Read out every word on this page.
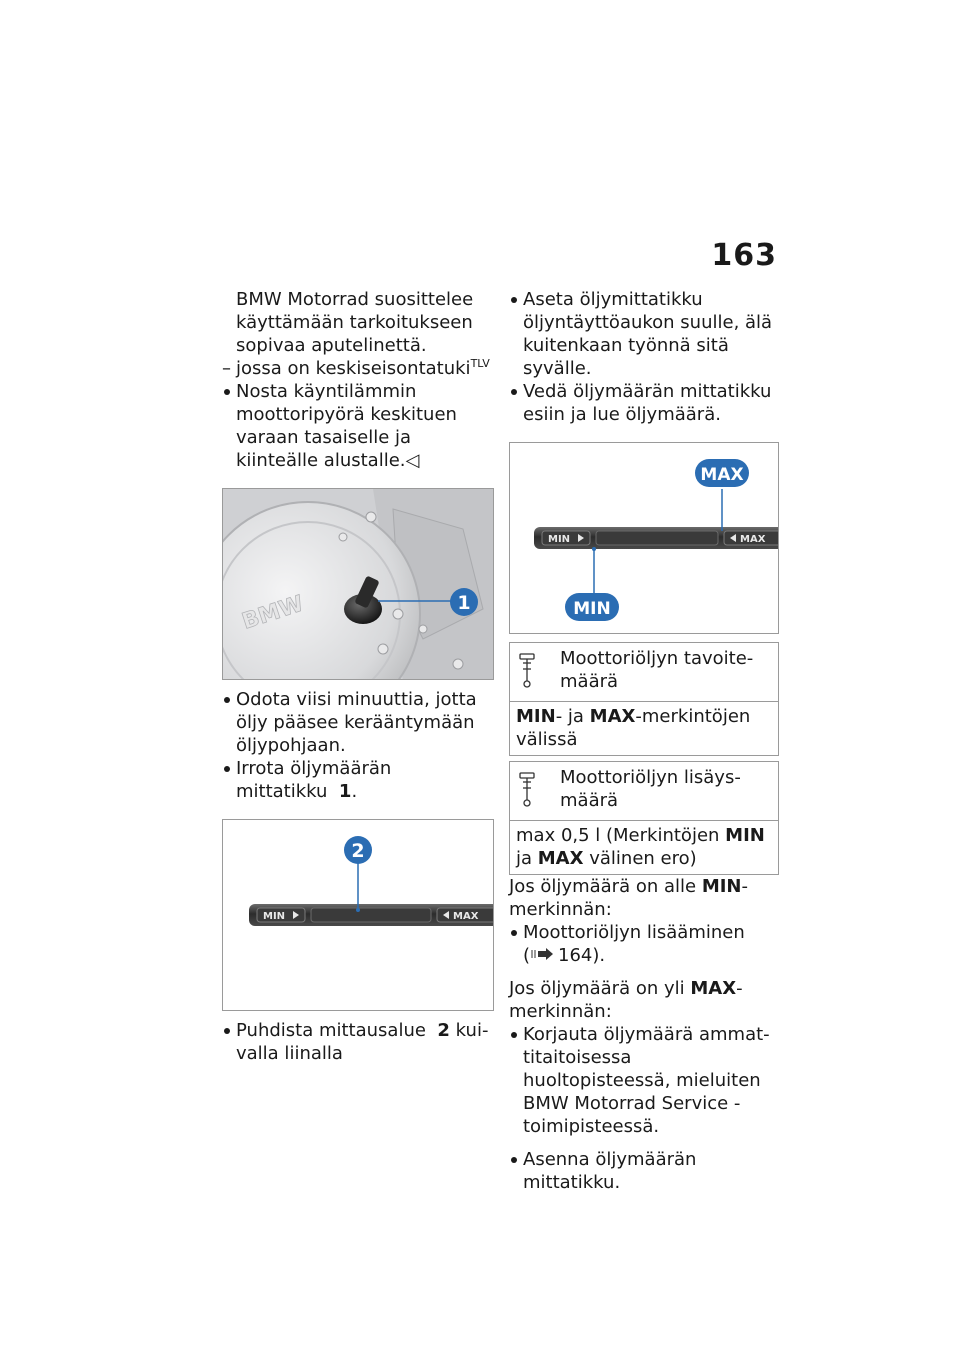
163

BMW Motorrad suosittelee käyttämään tarkoitukseen sopivaa aputelinettä.

– jossa on keskiseisontatuki$^{TLV}$

Nosta käyntilämmin moottoripyörä keskituen varaan tasaiselle ja kiinteälle alustalle.◁

BMW	1

Odota viisi minuuttia, jotta öljy pääsee kerääntymään öljypohjaan.

Irrota öljymäärän mittatikku 1.

MIN	MAX
2

Puhdista mittausalue 2 kuivalla liinalla

Aseta öljymittatikku öljyntäyttöaukon suulle, älä kuitenkaan työnnä sitä syvälle.

Vedä öljymäärän mittatikku esiin ja lue öljymäärä.

MIN	MAX
MAX
MIN
Moottoriöljyn tavoitemäärä
MIN- ja MAX-merkintöjen välissä
Moottoriöljyn lisäysmäärä
max 0,5 l (Merkintöjen MIN ja MAX välinen ero)

Jos öljymäärä on alle MIN-merkinnän:

Moottoriöljyn lisääminen

( 164).

Jos öljymäärä on yli MAX-merkinnän:

Korjauta öljymäärä ammattitaitoisessa huoltopisteessä, mieluiten BMW Motorrad Service -toimipisteessä.

Asenna öljymäärän mittatikku.
